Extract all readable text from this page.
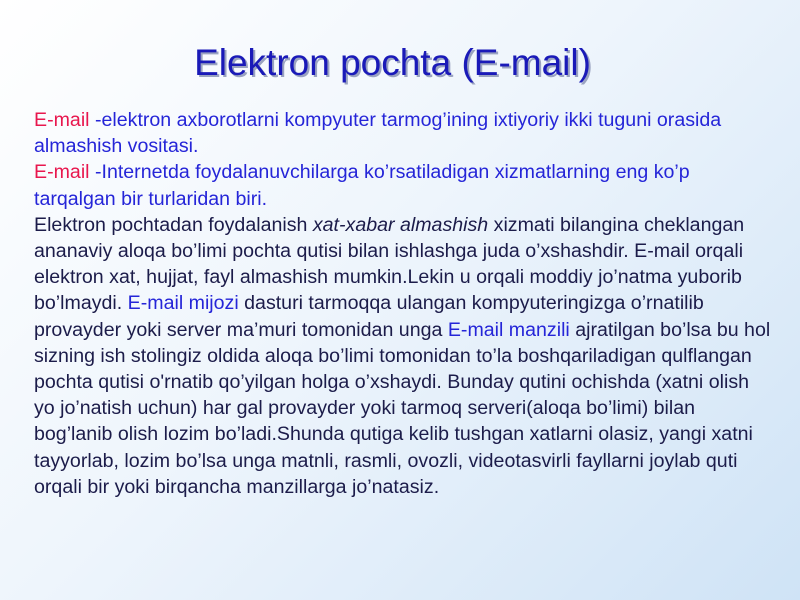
Elektron pochta (E-mail)

E-mail -elektron axborotlarni kompyuter tarmog’ining ixtiyoriy ikki tuguni orasida almashish vositasi.

E-mail -Internetda foydalanuvchilarga ko’rsatiladigan xizmatlarning eng ko’p tarqalgan bir turlaridan biri.

Elektron pochtadan foydalanish xat-xabar almashish xizmati bilangina cheklangan ananaviy aloqa bo’limi pochta qutisi bilan ishlashga juda o’xshashdir. E-mail orqali elektron xat, hujjat, fayl almashish mumkin.Lekin u orqali moddiy jo’natma yuborib bo’lmaydi. E-mail mijozi dasturi tarmoqqa ulangan kompyuteringizga o’rnatilib provayder yoki server ma’muri tomonidan unga E-mail manzili ajratilgan bo’lsa bu hol sizning ish stolingiz oldida aloqa bo’limi tomonidan to’la boshqariladigan qulflangan pochta qutisi o'rnatib qo’yilgan holga o’xshaydi. Bunday qutini ochishda (xatni olish yo jo’natish uchun) har gal provayder yoki tarmoq serveri(aloqa bo’limi) bilan bog’lanib olish lozim bo’ladi.Shunda qutiga kelib tushgan xatlarni olasiz, yangi xatni tayyorlab, lozim bo’lsa unga matnli, rasmli, ovozli, videotasvirli fayllarni joylab quti orqali bir yoki birqancha manzillarga jo’natasiz.
